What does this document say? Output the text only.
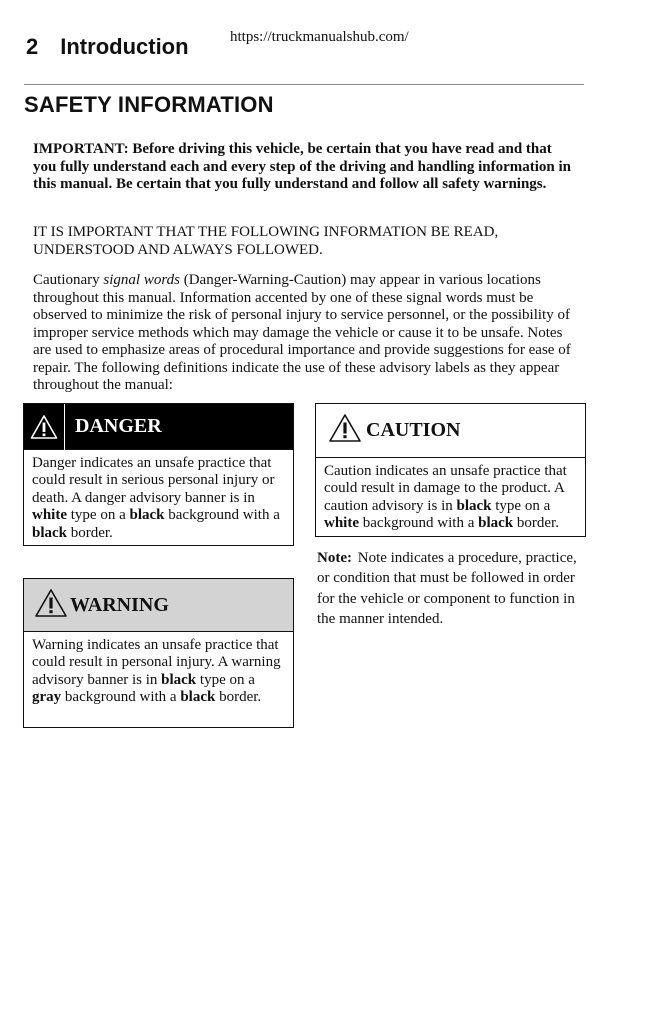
2 Introduction	https://truckmanualshub.com/
SAFETY INFORMATION

IMPORTANT: Before driving this vehicle, be certain that you have read and that you fully understand each and every step of the driving and handling information in this manual. Be certain that you fully understand and follow all safety warnings.

IT IS IMPORTANT THAT THE FOLLOWING INFORMATION BE READ, UNDERSTOOD AND ALWAYS FOLLOWED.

Cautionary signal words (Danger-Warning-Caution) may appear in various locations throughout this manual. Information accented by one of these signal words must be observed to minimize the risk of personal injury to service personnel, or the possibility of improper service methods which may damage the vehicle or cause it to be unsafe. Notes are used to emphasize areas of procedural importance and provide suggestions for ease of repair. The following definitions indicate the use of these advisory labels as they appear throughout the manual:

DANGER
Danger indicates an unsafe practice that could result in serious personal injury or death. A danger advisory banner is in white type on a black background with a black border.
CAUTION
Caution indicates an unsafe practice that could result in damage to the product. A caution advisory is in black type on a white background with a black border.
WARNING
Warning indicates an unsafe practice that could result in personal injury. A warning advisory banner is in black type on a gray background with a black border.
Note: Note indicates a procedure, practice, or condition that must be followed in order for the vehicle or component to function in the manner intended.
